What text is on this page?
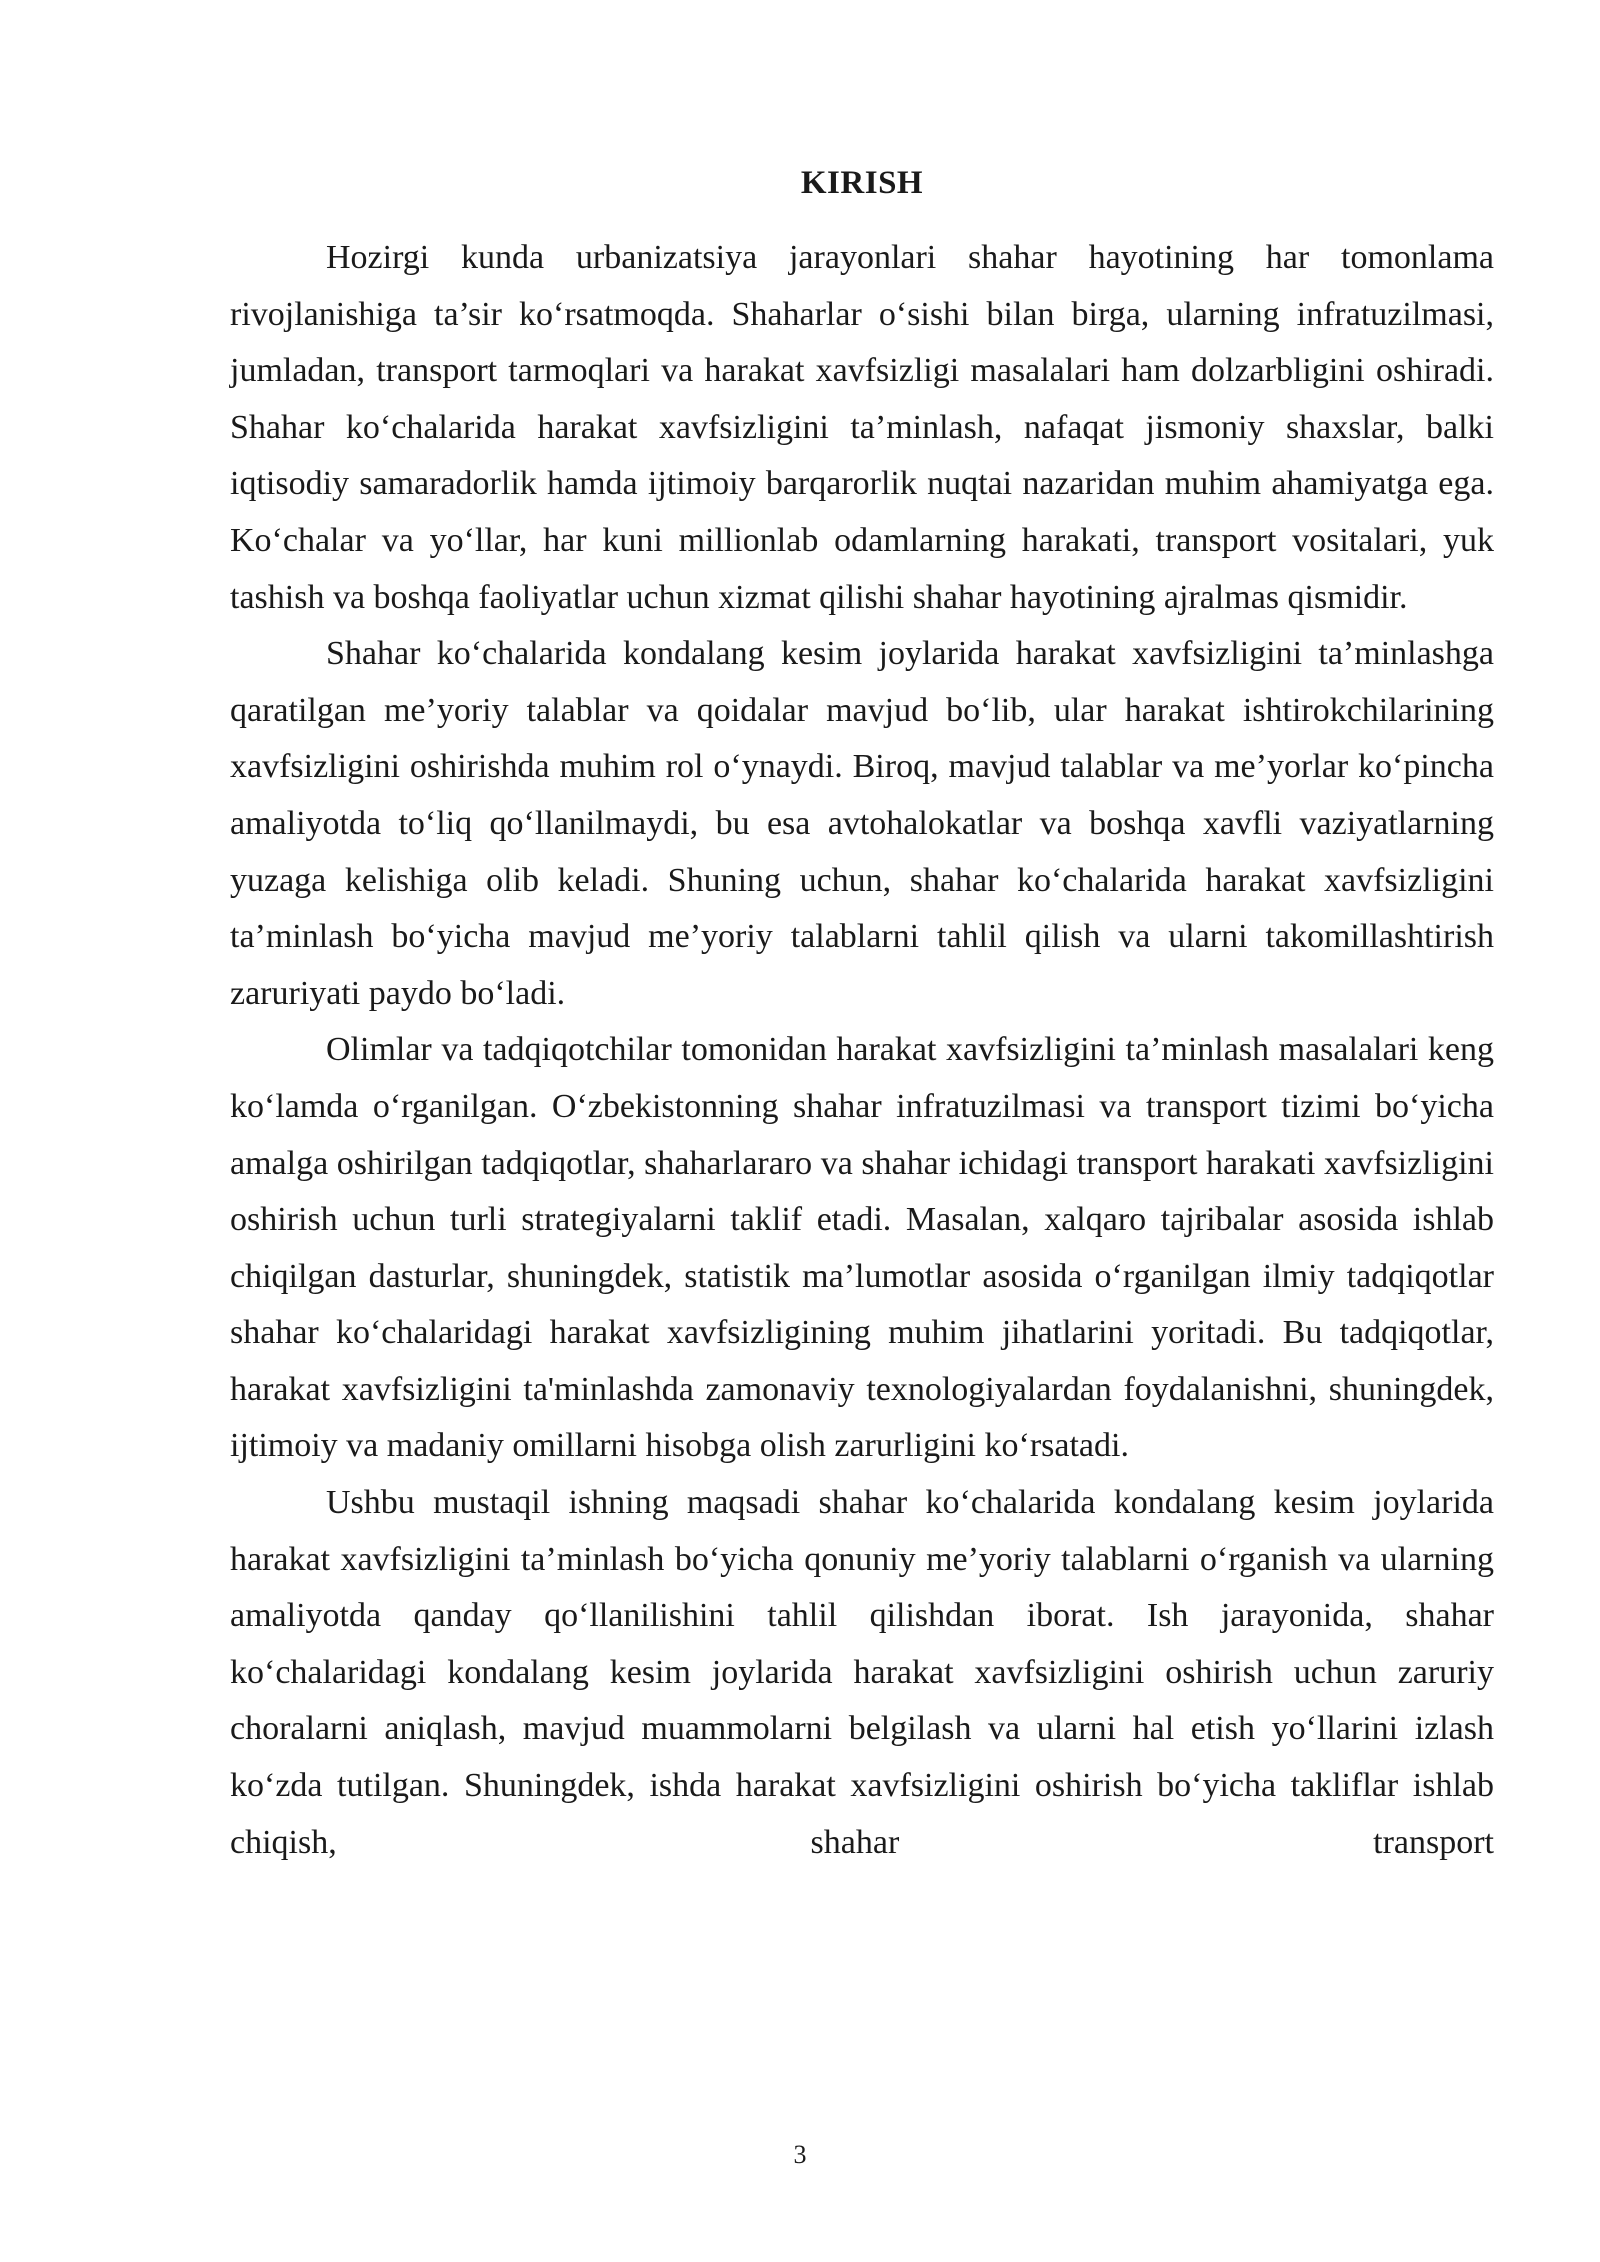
KIRISH

Hozirgi kunda urbanizatsiya jarayonlari shahar hayotining har tomonlama rivojlanishiga ta’sir ko‘rsatmoqda. Shaharlar o‘sishi bilan birga, ularning infratuzilmasi, jumladan, transport tarmoqlari va harakat xavfsizligi masalalari ham dolzarbligini oshiradi. Shahar ko‘chalarida harakat xavfsizligini ta’minlash, nafaqat jismoniy shaxslar, balki iqtisodiy samaradorlik hamda ijtimoiy barqarorlik nuqtai nazaridan muhim ahamiyatga ega. Ko‘chalar va yo‘llar, har kuni millionlab odamlarning harakati, transport vositalari, yuk tashish va boshqa faoliyatlar uchun xizmat qilishi shahar hayotining ajralmas qismidir.

Shahar ko‘chalarida kondalang kesim joylarida harakat xavfsizligini ta’minlashga qaratilgan me’yoriy talablar va qoidalar mavjud bo‘lib, ular harakat ishtirokchilarining xavfsizligini oshirishda muhim rol o‘ynaydi. Biroq, mavjud talablar va me’yorlar ko‘pincha amaliyotda to‘liq qo‘llanilmaydi, bu esa avtohalokatlar va boshqa xavfli vaziyatlarning yuzaga kelishiga olib keladi. Shuning uchun, shahar ko‘chalarida harakat xavfsizligini ta’minlash bo‘yicha mavjud me’yoriy talablarni tahlil qilish va ularni takomillashtirish zaruriyati paydo bo‘ladi.

Olimlar va tadqiqotchilar tomonidan harakat xavfsizligini ta’minlash masalalari keng ko‘lamda o‘rganilgan. O‘zbekistonning shahar infratuzilmasi va transport tizimi bo‘yicha amalga oshirilgan tadqiqotlar, shaharlararo va shahar ichidagi transport harakati xavfsizligini oshirish uchun turli strategiyalarni taklif etadi. Masalan, xalqaro tajribalar asosida ishlab chiqilgan dasturlar, shuningdek, statistik ma’lumotlar asosida o‘rganilgan ilmiy tadqiqotlar shahar ko‘chalaridagi harakat xavfsizligining muhim jihatlarini yoritadi. Bu tadqiqotlar, harakat xavfsizligini ta'minlashda zamonaviy texnologiyalardan foydalanishni, shuningdek, ijtimoiy va madaniy omillarni hisobga olish zarurligini ko‘rsatadi.

Ushbu mustaqil ishning maqsadi shahar ko‘chalarida kondalang kesim joylarida harakat xavfsizligini ta’minlash bo‘yicha qonuniy me’yoriy talablarni o‘rganish va ularning amaliyotda qanday qo‘llanilishini tahlil qilishdan iborat. Ish jarayonida, shahar ko‘chalaridagi kondalang kesim joylarida harakat xavfsizligini oshirish uchun zaruriy choralarni aniqlash, mavjud muammolarni belgilash va ularni hal etish yo‘llarini izlash ko‘zda tutilgan. Shuningdek, ishda harakat xavfsizligini oshirish bo‘yicha takliflar ishlab chiqish, shahar transport

3
